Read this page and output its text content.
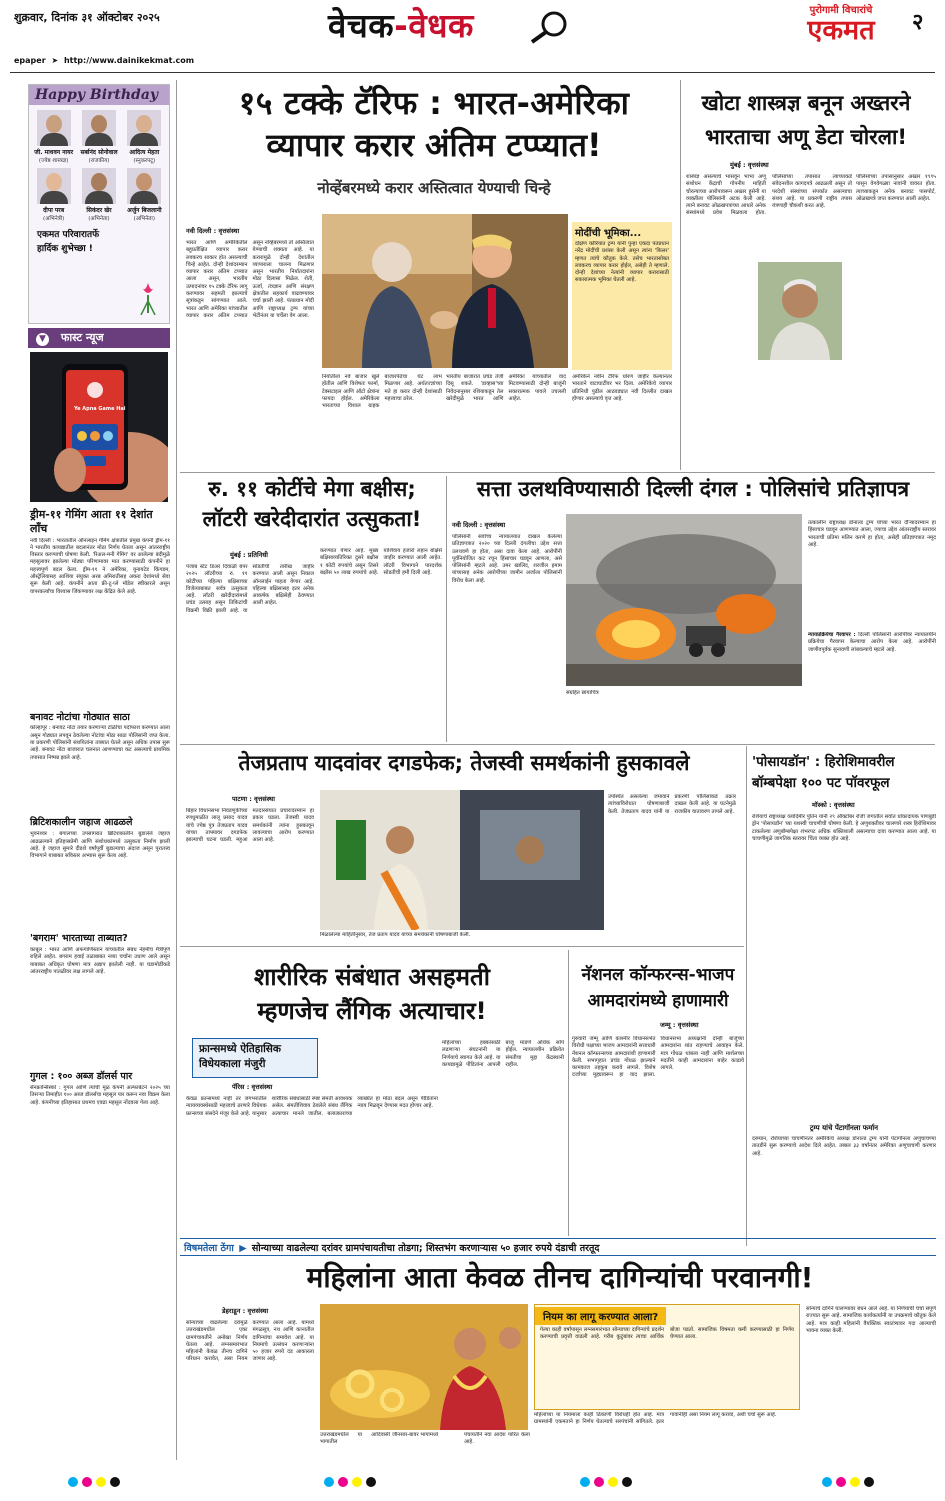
शुक्रवार, दिनांक ३१ ऑक्टोबर २०२५	वेचक-वेधक
epaper ➤ http://www.dainikekmat.com
पुरोगामी विचारांचे
एकमत	२
Happy Birthday
जी. माधवन नायर
(ज्येष्ठ शास्त्रज्ञ)
सर्बानंद सोनोवाल
(राजकीय)
आदित्य मेहता
(स्नुकरपटू)
दीपा परब
(अभिनेत्री)
सिकंदर खेर
(अभिनेता)
अर्जुन बिजलानी
(अभिनेता)
एकमत परिवारातर्फे हार्दिक शुभेच्छा !
▼ फास्ट न्यूज
Ye Apna Game Hai
ड्रीम-११ गेमिंग आता ११ देशांत लाँच
नवी दिल्ली : भारतातील ऑनलाइन गेमिंग क्षेत्रातील प्रमुख कंपनी ड्रीम-११ ने भारतीय कायद्यातील बदलानंतर मोठा निर्णय घेतला असून आंतरराष्ट्रीय विस्तार करण्याची घोषणा केली. 'रिअल-मनी गेमिंग' वर आलेल्या बंदीमुळे महसुलावर झालेल्या मोठ्या परिणामावर मात करण्यासाठी कंपनीने हा महत्त्वपूर्ण बदल केला. ड्रीम-११ ने अमेरिका, युनायटेड किंगडम, ऑस्ट्रेलियासह आशिया संयुक्त अरब अमिरातीसह अकरा देशांमध्ये सेवा सुरू केली आहे. कंपनीने आता फ्री-टू-प्ले मॉडेल स्वीकारले असून वापरकर्त्यांचा विश्वास जिंकण्यावर लक्ष केंद्रित केले आहे.
बनावट नोटांचा गोठ्यात साठा
कोल्हापूर : बनावट नोटा तयार करणाऱ्या टोळीचा पर्दाफाश करण्यात आला असून गोठ्यात लपवून ठेवलेल्या नोटांचा मोठा साठा पोलिसांनी जप्त केला. या प्रकरणी पोलिसांनी संशयितांना ताब्यात घेतले असून अधिक तपास सुरू आहे. बनावट नोटा बाजारात चलनात आणण्याचा कट असल्याचे प्राथमिक तपासात निष्पन्न झाले आहे.
ब्रिटिशकालीन जहाज आढळले
भुवनेश्वर : बंगालच्या उपसागरात ब्रिटिशकालीन बुडालेले जहाज आढळल्याने इतिहासप्रेमी आणि संशोधकांमध्ये उत्सुकता निर्माण झाली आहे. हे जहाज सुमारे दीडशे वर्षांपूर्वी बुडाल्याचा अंदाज असून पुरातत्त्व विभागाने याबाबत सविस्तर अभ्यास सुरू केला आहे.
'बगराम' भारताच्या ताब्यात?
काबूल : भारत आणि अफगाणिस्तान यांच्यातील संबंध नेहमीच मैत्रीपूर्ण राहिले आहेत. बगराम हवाई तळाबाबत नव्या चर्चांना उधाण आले असून याबाबत अधिकृत घोषणा मात्र अद्याप झालेली नाही. या घडामोडींकडे आंतरराष्ट्रीय पातळीवर लक्ष लागले आहे.
गुगल : १०० अब्ज डॉलर्स पार
सॅनफ्रान्सिस्को : गुगल आणि त्यांची मूळ कंपनी अल्फाबेटने २०२५ च्या तिसऱ्या तिमाहीत १०० अब्ज डॉलर्सचा महसूल पार करून नवा विक्रम केला आहे. कंपनीच्या इतिहासात प्रथमच एवढा महसूल नोंदवला गेला आहे.
१५ टक्के टॅरिफ : भारत-अमेरिका
व्यापार करार अंतिम टप्प्यात!
नोव्हेंबरमध्ये करार अस्तित्वात येण्याची चिन्हे
नवी दिल्ली : वृत्तसंस्था
भारत आणि अमेरिकेतील बहुप्रतीक्षित व्यापार करार लवकरच साकार होत असल्याची चिन्हे आहेत. दोन्ही देशांदरम्यान व्यापार करार अंतिम टप्प्यात आला असून, भारतीय उत्पादनांवर १५ टक्के टॅरिफ लागू करण्यावर सहमती झाल्याचे सूत्रांकडून सांगण्यात आले. भारत आणि अमेरिका यांच्यातील व्यापार करार अंतिम टप्प्यात असून नोव्हेंबरमध्ये तो अस्तित्वात येण्याची शक्यता आहे. या करारामुळे दोन्ही देशांतील व्यापाराला चालना मिळणार असून भारतीय निर्यातदारांना मोठा दिलासा मिळेल. शेती, ऊर्जा, तंत्रज्ञान आणि संरक्षण क्षेत्रातील सहकार्य वाढवण्यावर चर्चा झाली आहे. पंतप्रधान मोदी आणि राष्ट्राध्यक्ष ट्रम्प यांच्या भेटीनंतर या चर्चेला वेग आला.
निर्यातीला नवे बाजार खुले होतील आणि विशेषतः फार्मा, टेक्सटाइल आणि ऑटो क्षेत्रांना फायदा होईल. अमेरिकेला भारताच्या विशाल ग्राहक बाजारपेठेचा थेट लाभ मिळणार आहे. अर्थतज्ज्ञांच्या मते हा करार दोन्ही देशांसाठी महत्त्वाचा ठरेल.
भारतीय बाजारात प्रचंड तेजी दिसू शकते. 'डाव्हास'च्या निवेदनानुसार रशियाकडून तेल खरेदीमुळे भारत आणि अमेरिका यांच्यातील वाद मिटवण्यासाठी दोन्ही बाजूंनी सकारात्मक पावले उचलली आहेत.
मोदींची भूमिका...
दक्षिण कोरियात ट्रम्प यांनी पुन्हा एकदा पंतप्रधान नरेंद्र मोदींची प्रशंसा केली असून त्यांना 'किलर' म्हणत त्यांचे कौतुक केले. तसेच भारतासोबत लवकरच व्यापार करार होईल, असेही ते म्हणाले. दोन्ही देशांच्या नेत्यांनी व्यापार करारासाठी सकारात्मक भूमिका घेतली आहे.
अमेरिकेने नवीन टॅरिफ धोरण जाहीर केल्यानंतर भारताने वाटाघाटींवर भर दिला. अमेरिकेचे व्यापार प्रतिनिधी पुढील आठवड्यात नवी दिल्लीत दाखल होणार असल्याचे वृत्त आहे.
खोटा शास्त्रज्ञ बनून अख्तरने भारताचा अणू डेटा चोरला!
मुंबई : वृत्तसंस्था
शास्त्रज्ञ असल्याचे भासवून भाभा अणू संशोधन केंद्राची गोपनीय माहिती चोरल्याच्या आरोपावरून अख्तर हुसेनी या व्यक्तीला पोलिसांनी अटक केली आहे. त्याने बनावट ओळखपत्रांच्या आधारे अनेक संस्थांमध्ये प्रवेश मिळवला होता. पोलिसांच्या तपासात त्याच्याकडे संवेदनशील कागदपत्रे आढळली असून तो परदेशी संस्थांच्या संपर्कात असल्याचा संशय आहे. या प्रकरणी राष्ट्रीय तपास यंत्रणाही चौकशी करत आहे.
पोलिसांच्या तपासानुसार अख्तर १९९५ पासून वेगवेगळ्या नावांनी वावरत होता. त्याच्याकडून अनेक बनावट पासपोर्ट, ओळखपत्रे जप्त करण्यात आली आहेत.
रु. ११ कोटींचे मेगा बक्षीस;
लॉटरी खरेदीदारांत उत्सुकता!
मुंबई : प्रतिनिधी
पंजाब स्टेट डिअर दिवाळी बंपर २०२५ लॉटरीच्या रु. ११ कोटींच्या पहिल्या बक्षिसाच्या विजेत्याबाबत सर्वत्र उत्सुकता आहे. लॉटरी खरेदीदारांमध्ये प्रचंड उत्साह असून तिकिटांची विक्रमी विक्री झाली आहे. या सोडतीची तारीख जाहीर करण्यात आली असून निकाल ऑनलाईन पाहता येणार आहे. पहिल्या बक्षिसासह इतर अनेक आकर्षक बक्षिसेही ठेवण्यात आली आहेत.
करण्यात येणार आहे. मुख्य बक्षिसाव्यतिरिक्त दुसरे बक्षीस १ कोटी रुपयांचे असून तिसरे बक्षीस ५० लाख रुपयांचे आहे. याशिवाय हजारो लहान बक्षिसे जाहीर करण्यात आली आहेत. लॉटरी विभागाने पारदर्शक सोडतीची हमी दिली आहे.
सत्ता उलथविण्यासाठी दिल्ली दंगल : पोलिसांचे प्रतिज्ञापत्र
नवी दिल्ली : वृत्तसंस्था
पोलिसांनी सर्वोच्च न्यायालयात दाखल केलेल्या प्रतिज्ञापत्रात २०२० च्या दिल्ली दंगलीचा उद्देश सत्ता उलथवणे हा होता, असा दावा केला आहे. आरोपींनी पूर्वनियोजित कट रचून हिंसाचार घडवून आणला, असे पोलिसांनी म्हटले आहे. उमर खालिद, शरजील इमाम यांच्यासह अनेक आरोपींच्या जामीन अर्जाला पोलिसांनी विरोध केला आहे.
तत्कालीन राष्ट्राध्यक्ष डोनाल्ड ट्रम्प यांच्या भारत दौऱ्यादरम्यान हा हिंसाचार घडवून आणण्यात आला, ज्याचा उद्देश आंतरराष्ट्रीय स्तरावर भारताची प्रतिमा मलिन करणे हा होता, असेही प्रतिज्ञापत्रात नमूद आहे.
न्यायप्रक्रियेचा गैरवापर : दिल्ली पोलिसांनी आरोपींवर न्यायालयीन प्रक्रियेचा गैरवापर केल्याचा आरोप केला आहे. आरोपींनी जाणीवपूर्वक सुनावणी लांबवल्याचे म्हटले आहे.
संग्रहित छायाचित्र
तेजप्रताप यादवांवर दगडफेक; तेजस्वी समर्थकांनी हुसकावले
पाटणा : वृत्तसंस्था
बिहार विधानसभा निवडणुकीच्या रणधुमाळीत लालू प्रसाद यादव यांचे ज्येष्ठ पुत्र तेजप्रताप यादव यांच्या ताफ्यावर दगडफेक झाल्याची घटना घडली. महुआ मतदारसंघात प्रचारादरम्यान हा प्रकार घडला. तेजस्वी यादव समर्थकांनी त्यांना हुसकावून लावल्याचा आरोप करण्यात आला आहे.
उपस्थित असलेल्या जमावाने त्यांच्याविरोधात घोषणाबाजी केली. तेजप्रताप यादव यांनी या प्रकरणी पोलिसांकडे तक्रार दाखल केली आहे. या घटनेमुळे राजकीय वातावरण तापले आहे.
मिळालेल्या माहितीनुसार, तेज प्रताप यादव यांच्या समर्थकांनी घोषणाबाजी केली.
'पोसायडॉन' : हिरोशिमावरील बॉम्बपेक्षा १०० पट पॉवरफूल
मॉस्को : वृत्तसंस्था
रशियाचे राष्ट्राध्यक्ष व्लादिमीर पुतिन यांनी २९ ऑक्टोबर रोजी जगातील सर्वात धोकादायक पाणबुडी ड्रोन 'पोसायडॉन' च्या यशस्वी चाचणीची घोषणा केली. हे अणुशक्तीवर चालणारे शस्त्र हिरोशिमावर टाकलेल्या अणुबॉम्बपेक्षा शंभरपट अधिक शक्तिशाली असल्याचा दावा करण्यात आला आहे. या चाचणीमुळे जागतिक स्तरावर चिंता व्यक्त होत आहे.
ट्रम्प यांचे पेंटागॉनला फर्मान
दरम्यान, रशियाच्या चाचणीनंतर अमेरिकेचे अध्यक्ष डोनाल्ड ट्रम्प यांनी पेंटागॉनला अणुचाचण्या तातडीने सुरू करण्याचे आदेश दिले आहेत. तब्बल ३३ वर्षांनंतर अमेरिका अणुचाचणी करणार आहे.
शारीरिक संबंधात असहमती
म्हणजेच लैंगिक अत्याचार!
फ्रान्समध्ये ऐतिहासिक विधेयकाला मंजुरी
पॅरिस : वृत्तसंस्था
केवळ फ्रान्समध्ये नाही तर जगभरातील न्यायव्यवस्थेसाठी महत्त्वाचे ठरणारे विधेयक फ्रान्सच्या संसदेने मंजूर केले आहे. यानुसार शारीरिक संबंधांसाठी स्पष्ट संमती आवश्यक असेल. संमतीशिवाय ठेवलेले संबंध लैंगिक अत्याचार मानले जातील. बलात्काराच्या व्याख्येत हा मोठा बदल असून पीडितांना न्याय मिळवून देण्यास मदत होणार आहे.
महिलांच्या हक्कांसाठी लढणाऱ्या संघटनांनी या निर्णयाचे स्वागत केले आहे. या कायद्यामुळे पीडितांना आपली बाजू मांडणे अधिक सोपे होईल. न्यायालयीन प्रक्रियेत संमतीचा मुद्दा केंद्रस्थानी राहील.
नॅशनल कॉन्फरन्स-भाजप
आमदारांमध्ये हाणामारी
जम्मू : वृत्तसंस्था
गुरुवारी जम्मू आणि काश्मीर विधानसभेत विरोधी पक्षाच्या भाजप आमदारांनी सत्ताधारी नॅशनल कॉन्फरन्सच्या आमदारांशी हाणामारी केली. सभागृहात प्रचंड गोंधळ झाल्याने कामकाज तहकूब करावे लागले. विशेष दर्जाच्या मुद्द्यावरून हा वाद झाला. विधानसभा अध्यक्षांनी दोन्ही बाजूंच्या आमदारांना शांत राहण्याचे आवाहन केले. मात्र गोंधळ थांबला नाही आणि मार्शलच्या मदतीने काही आमदारांना बाहेर काढावे लागले.
विषमतेला ठेंगा ▶ सोन्याच्या वाढलेल्या दरांवर ग्रामपंचायतीचा तोडगा; शिस्तभंग करणाऱ्यास ५० हजार रुपये दंडाची तरतूद
महिलांना आता केवळ तीनच दागिन्यांची परवानगी!
डेहराडून : वृत्तसंस्था
सोन्याच्या वाढलेल्या दरांमुळे उत्तराखंडमधील एका ग्रामपंचायतीने अनोखा निर्णय घेतला आहे. लग्नसमारंभात महिलांनी केवळ तीनच दागिने परिधान करावेत, असा नियम करण्यात आला आहे. यामध्ये मंगळसूत्र, नथ आणि कानातील दागिन्यांचा समावेश आहे. या नियमाचे उल्लंघन करणाऱ्यांना ५० हजार रुपये दंड आकारला जाणार आहे.
उत्तराखंडमधील या आदिवासी भागातील
जौनसार-बावर भागामध्ये	पंचायतीने नवा आदेश पारित केला आहे.
नियम का लागू करण्यात आला?
गेल्या काही वर्षांपासून लग्नसमारंभात सोन्याच्या दागिन्यांचे प्रदर्शन करण्याची प्रवृत्ती वाढली आहे. गरीब कुटुंबांवर त्याचा आर्थिक बोजा पडतो. सामाजिक विषमता कमी करण्यासाठी हा निर्णय घेण्यात आला.
महिलांच्या या नियमाला काही ठिकाणी विरोधही होत आहे. मात्र ग्रामस्थांनी एकमताने हा निर्णय घेतल्याचे सरपंचांनी सांगितले. इतर गावांनीही असा नियम लागू करावा, अशी चर्चा सुरू आहे.
सोन्याचे दागिने घालण्यावर बंधन आले आहे. या निर्णयाची चर्चा संपूर्ण राज्यात सुरू आहे. सामाजिक कार्यकर्त्यांनी या उपक्रमाचे कौतुक केले आहे. मात्र काही महिलांनी वैयक्तिक स्वातंत्र्यावर गदा आल्याची भावना व्यक्त केली.
